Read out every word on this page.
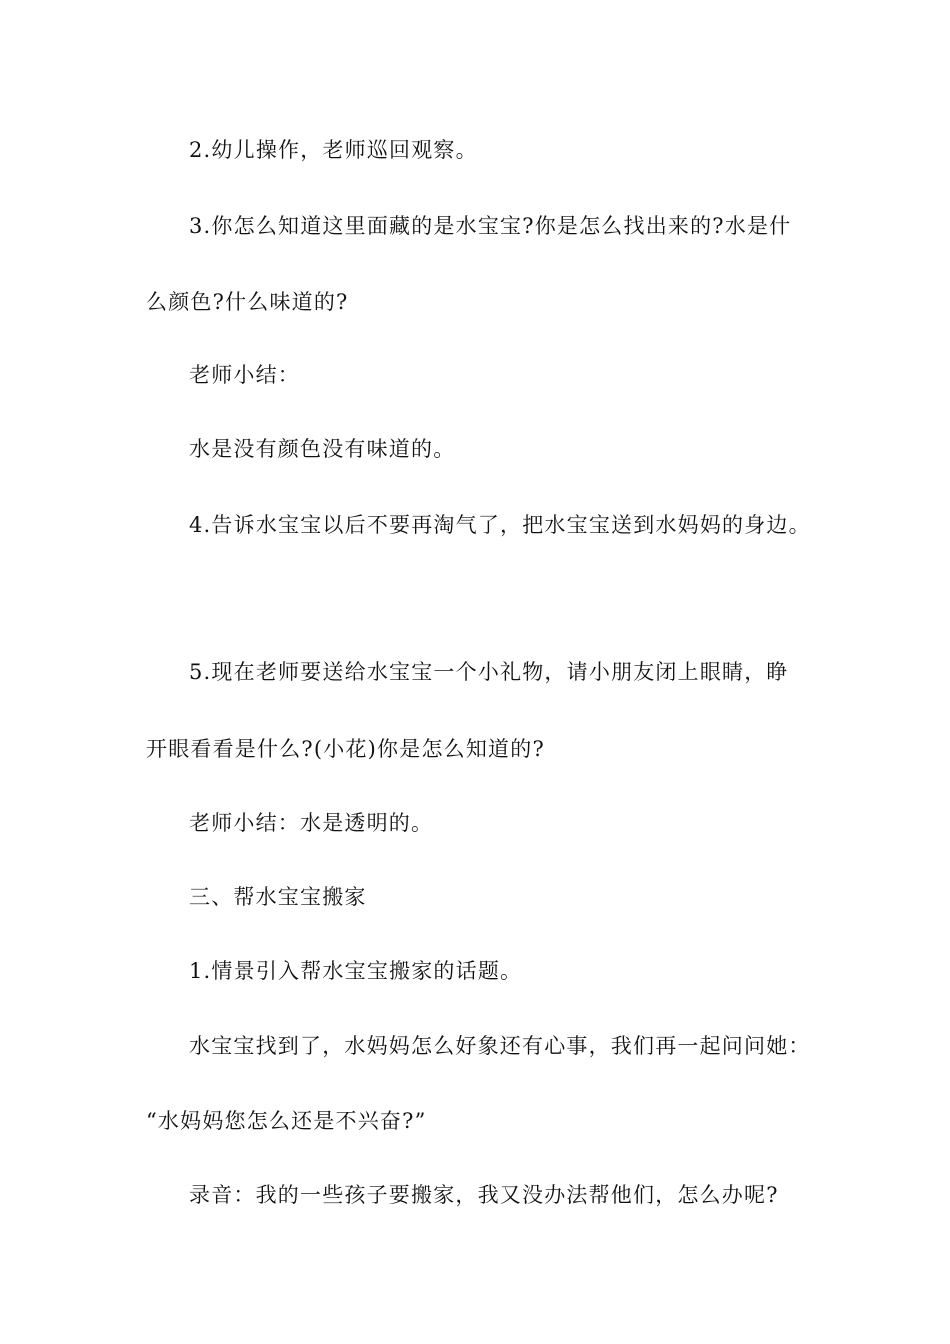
2.幼儿操作，老师巡回观察。
3.你怎么知道这里面藏的是水宝宝?你是怎么找出来的?水是什
么颜色?什么味道的?
老师小结：
水是没有颜色没有味道的。
4.告诉水宝宝以后不要再淘气了，把水宝宝送到水妈妈的身边。
5.现在老师要送给水宝宝一个小礼物，请小朋友闭上眼睛，睁
开眼看看是什么?(小花)你是怎么知道的?
老师小结：水是透明的。
三、帮水宝宝搬家
1.情景引入帮水宝宝搬家的话题。
水宝宝找到了，水妈妈怎么好象还有心事，我们再一起问问她：
“水妈妈您怎么还是不兴奋?”
录音：我的一些孩子要搬家，我又没办法帮他们，怎么办呢?
